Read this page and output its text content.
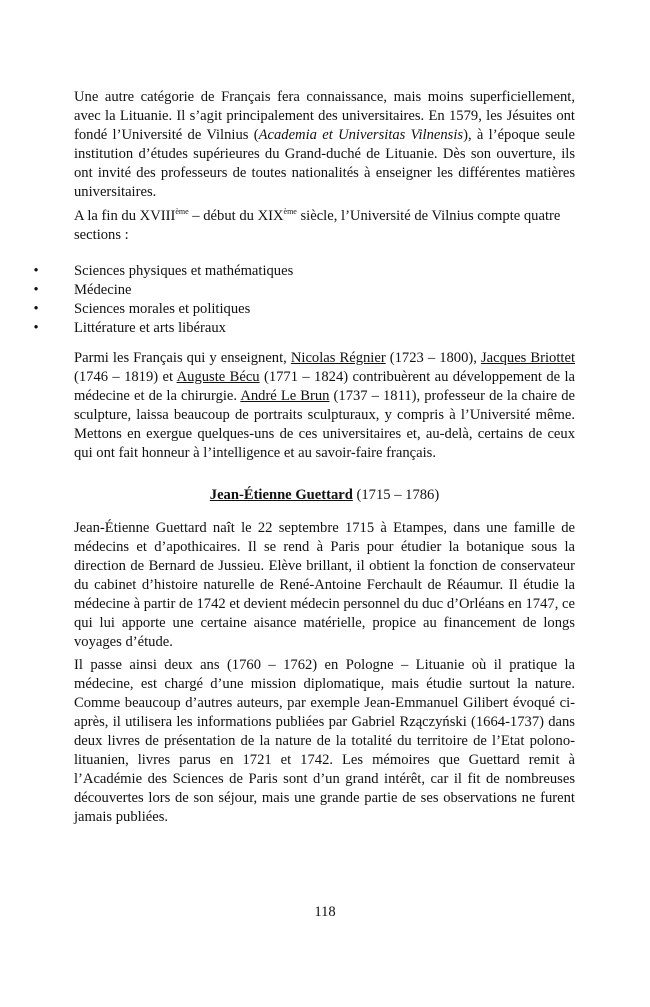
Une autre catégorie de Français fera connaissance, mais moins superficiellement, avec la Lituanie. Il s’agit principalement des universitaires. En 1579, les Jésuites ont fondé l’Université de Vilnius (Academia et Universitas Vilnensis), à l’époque seule institution d’études supérieures du Grand-duché de Lituanie. Dès son ouverture, ils ont invité des professeurs de toutes nationalités à enseigner les différentes matières universitaires.

A la fin du XVIIIème – début du XIXème siècle, l’Université de Vilnius compte quatre sections :

• Sciences physiques et mathématiques
• Médecine
• Sciences morales et politiques
• Littérature et arts libéraux

Parmi les Français qui y enseignent, Nicolas Régnier (1723 – 1800), Jacques Briottet (1746 – 1819) et Auguste Bécu (1771 – 1824) contribuèrent au développement de la médecine et de la chirurgie. André Le Brun (1737 – 1811), professeur de la chaire de sculpture, laissa beaucoup de portraits sculpturaux, y compris à l’Université même. Mettons en exergue quelques-uns de ces universitaires et, au-delà, certains de ceux qui ont fait honneur à l’intelligence et au savoir-faire français.

Jean-Étienne Guettard (1715 – 1786)

Jean-Étienne Guettard naît le 22 septembre 1715 à Etampes, dans une famille de médecins et d’apothicaires. Il se rend à Paris pour étudier la botanique sous la direction de Bernard de Jussieu. Elève brillant, il obtient la fonction de conservateur du cabinet d’histoire naturelle de René-Antoine Ferchault de Réaumur. Il étudie la médecine à partir de 1742 et devient médecin personnel du duc d’Orléans en 1747, ce qui lui apporte une certaine aisance matérielle, propice au financement de longs voyages d’étude.

Il passe ainsi deux ans (1760 – 1762) en Pologne – Lituanie où il pratique la médecine, est chargé d’une mission diplomatique, mais étudie surtout la nature. Comme beaucoup d’autres auteurs, par exemple Jean-Emmanuel Gilibert évoqué ci-après, il utilisera les informations publiées par Gabriel Rzączyński (1664-1737) dans deux livres de présentation de la nature de la totalité du territoire de l’Etat polono-lituanien, livres parus en 1721 et 1742. Les mémoires que Guettard remit à l’Académie des Sciences de Paris sont d’un grand intérêt, car il fit de nombreuses découvertes lors de son séjour, mais une grande partie de ses observations ne furent jamais publiées.

118
